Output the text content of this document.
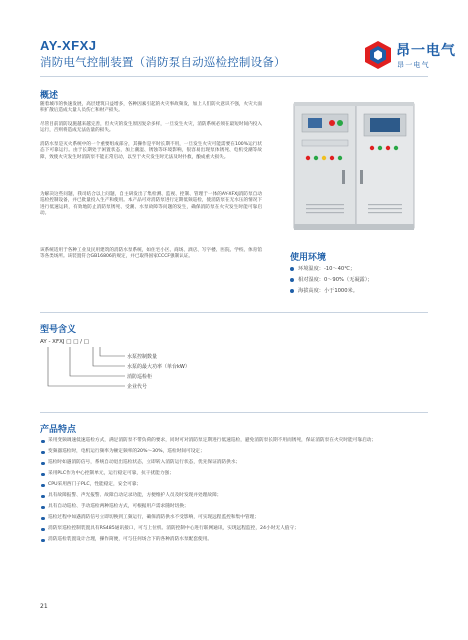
AY-XFXJ
消防电气控制装置（消防泵自动巡检控制设备）
昂一电气
昂一电气
概述

随着城市的快速发展，高层建筑日益增多，各种因素引起的火灾事故频发，加上人们防火意识不强，火灾大面积扩散后造成大量人员伤亡和财产损失。

尽管目前消防设施越来越完善，但火灾的发生原因复杂多样，一旦发生火灾，消防系统必须在最短时间内投入运行，否则将造成无法估量的损失。

消防水泵是灭火系统中的一个重要组成部分，其操作是平时长期不用，一旦发生火灾可能需要在100%运行状态下可靠运行。由于长期处于闲置状态，加上潮湿、锈蚀等环境影响，很容易出现泵体锈死、电机受潮等故障，致使火灾发生时消防泵不能正常启动，以至于火灾发生时无法及时扑救，酿成重大损失。

为解决这些问题，我司结合以上问题，自主研发出了集检测、监视、控制、管理于一体的AY-XFXJ消防泵自动巡检控制设备，并已批量投入生产和使用。本产品可对消防泵进行定期低频巡检，使消防泵在无水压的情况下进行低速运转，有效地防止消防泵锈死、受潮、水泵故障等问题的发生，确保消防泵在火灾发生时能可靠启动。

该系统适用于各种工业及民用建筑的消防水泵系统，如住宅小区、商场、酒店、写字楼、医院、学校、体育馆等各类场所。该装置符合GB16806的规定，并已取得国家CCCF强制认证。	使用环境
环境温度：-10～40℃；
相对湿度：0～90%（无凝露）；
海拔高度：小于1000米。
型号含义
AY - XFXJ □ □ / □
水泵控制数量
水泵的最大功率（单台kW）
消防巡检柜
企业代号
产品特点
采用变频调速低速巡检方式，满足消防泵不带负荷的要求，同时可对消防泵定期进行低速巡检，避免消防泵长期不用而锈死，保证消防泵在火灾时能可靠启动；
变频器巡检时，电机运行频率为额定频率的20%～30%，巡检时间可设定；
巡检时如遇消防信号，系统自动退出巡检状态，立即转入消防运行状态，优先保证消防供水；
采用PLC作为中心控制单元，运行稳定可靠，抗干扰能力强；
CPU采用西门子PLC，性能稳定，安全可靠；
具有故障报警、声光报警、故障自动记录功能，方便维护人员及时发现并处理故障；
具有自动巡检、手动巡检两种巡检方式，可根据用户需求随时切换；
巡检过程中如遇消防信号立即切换到工频运行，确保消防供水不受影响，可实现远程监控和集中管理；
消防泵巡检控制装置具有RS485通讯接口，可与上位机、消防控制中心进行联网通讯，实现远程监控，24小时无人值守；
消防巡检装置设计合理，操作简便，可与任何场合下的各种消防水泵配套使用。
21
